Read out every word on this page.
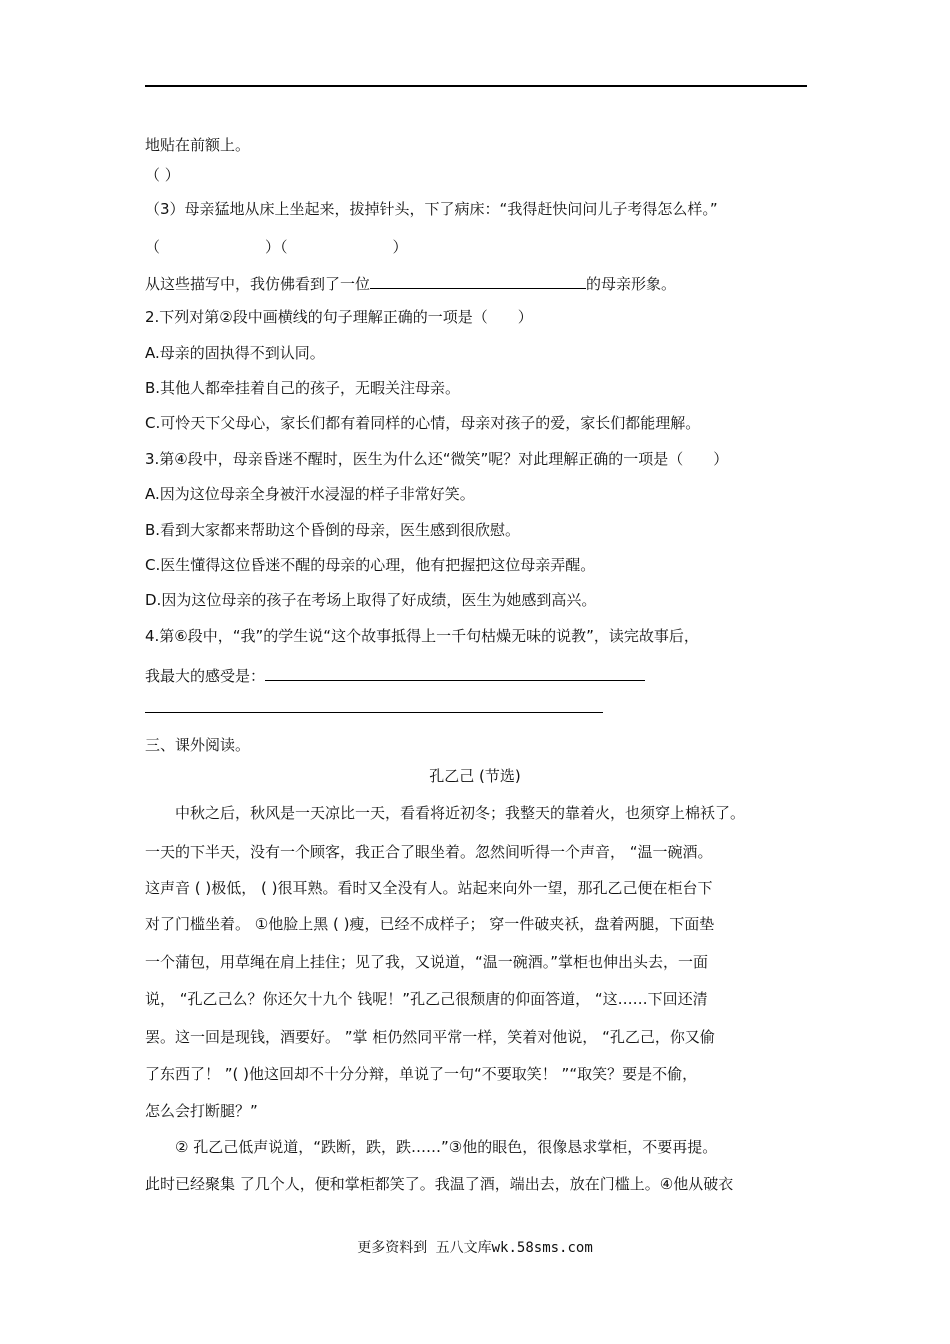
地贴在前额上。
（ ）
（3）母亲猛地从床上坐起来，拔掉针头，下了病床：“我得赶快问问儿子考得怎么样。”
（	）（	）
从这些描写中，我仿佛看到了一位	的母亲形象。
2.下列对第②段中画横线的句子理解正确的一项是（　　）
A.母亲的固执得不到认同。
B.其他人都牵挂着自己的孩子，无暇关注母亲。
C.可怜天下父母心，家长们都有着同样的心情，母亲对孩子的爱，家长们都能理解。
3.第④段中，母亲昏迷不醒时，医生为什么还“微笑”呢？对此理解正确的一项是（　　）
A.因为这位母亲全身被汗水浸湿的样子非常好笑。
B.看到大家都来帮助这个昏倒的母亲，医生感到很欣慰。
C.医生懂得这位昏迷不醒的母亲的心理，他有把握把这位母亲弄醒。
D.因为这位母亲的孩子在考场上取得了好成绩，医生为她感到高兴。
4.第⑥段中，“我”的学生说“这个故事抵得上一千句枯燥无味的说教”，读完故事后，
我最大的感受是：
三、课外阅读。
孔乙己 (节选)
　　中秋之后，秋风是一天凉比一天，看看将近初冬；我整天的靠着火，也须穿上棉袄了。
一天的下半天，没有一个顾客，我正合了眼坐着。忽然间听得一个声音， “温一碗酒。
这声音 ( )极低， ( )很耳熟。看时又全没有人。站起来向外一望，那孔乙己便在柜台下
对了门槛坐着。 ①他脸上黑 ( )瘦，已经不成样子； 穿一件破夹袄，盘着两腿，下面垫
一个蒲包，用草绳在肩上挂住；见了我，又说道，“温一碗酒。”掌柜也伸出头去，一面
说， “孔乙己么？你还欠十九个 钱呢！”孔乙己很颓唐的仰面答道， “这……下回还清
罢。这一回是现钱，酒要好。 ”掌 柜仍然同平常一样，笑着对他说， “孔乙己，你又偷
了东西了！ ”( )他这回却不十分分辩，单说了一句“不要取笑！ ”“取笑？要是不偷，
怎么会打断腿？”
　　② 孔乙己低声说道，“跌断，跌，跌……”③他的眼色，很像恳求掌柜，不要再提。
此时已经聚集 了几个人，便和掌柜都笑了。我温了酒，端出去，放在门槛上。④他从破衣
更多资料到 五八文库wk.58sms.com
